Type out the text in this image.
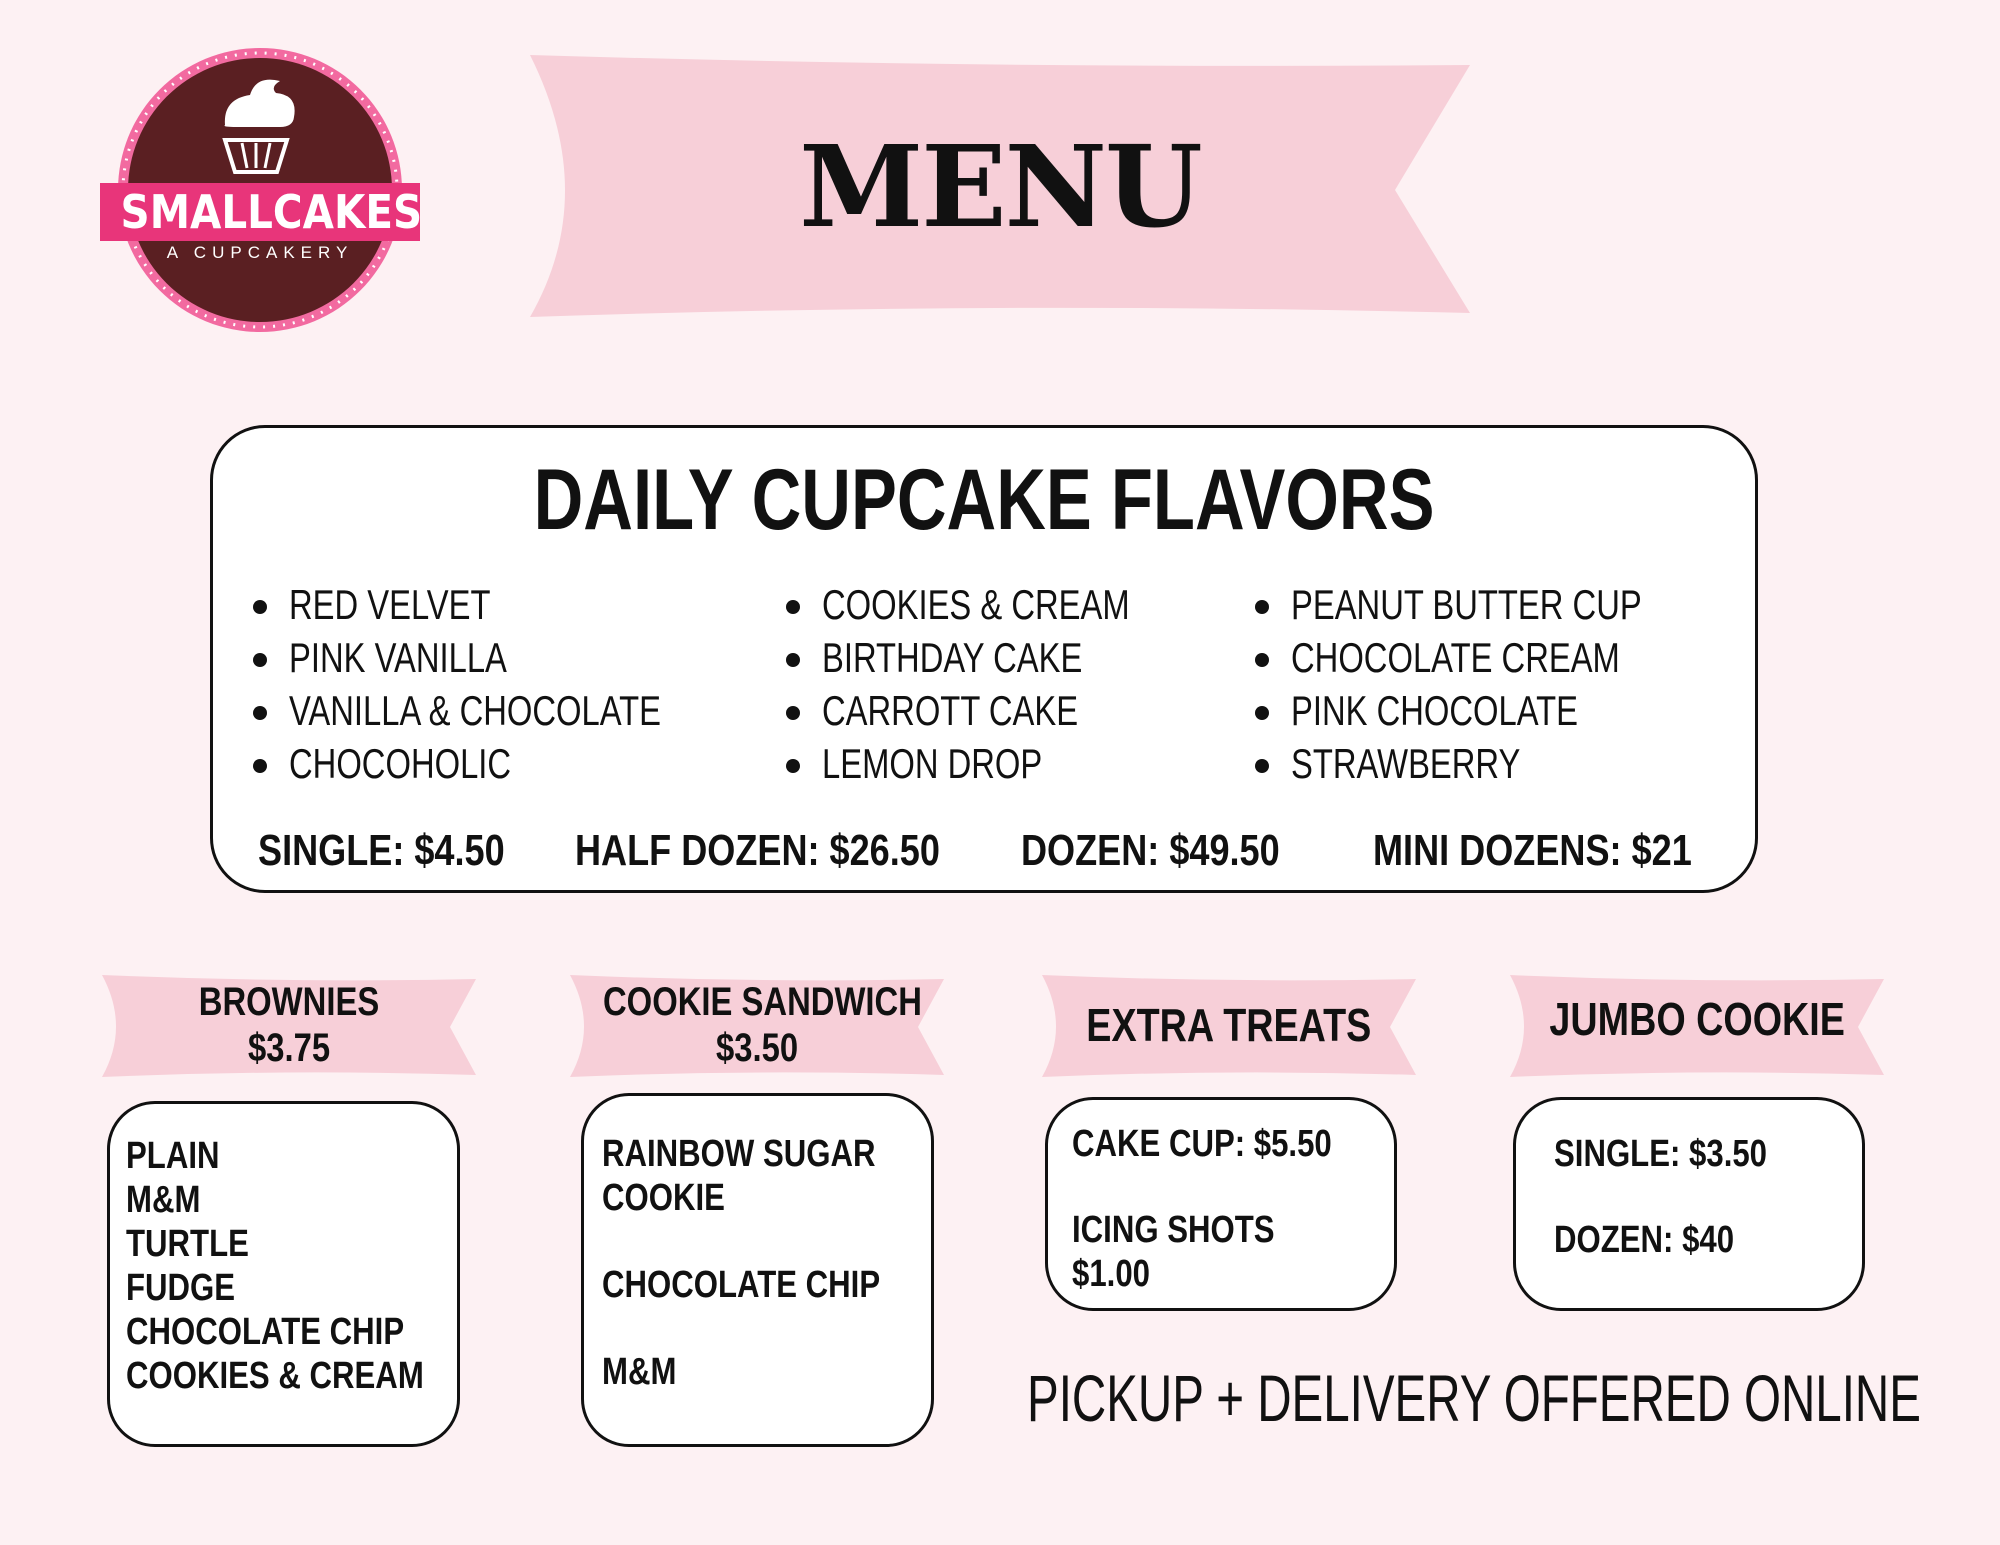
SMALLCAKES
A CUPCAKERY	MENU
DAILY CUPCAKE FLAVORS
RED VELVET
PINK VANILLA
VANILLA & CHOCOLATE
CHOCOHOLIC
COOKIES & CREAM
BIRTHDAY CAKE
CARROTT CAKE
LEMON DROP
PEANUT BUTTER CUP
CHOCOLATE CREAM
PINK CHOCOLATE
STRAWBERRY
SINGLE: $4.50	HALF DOZEN: $26.50	DOZEN: $49.50	MINI DOZENS: $21
BROWNIES
$3.75
PLAIN
M&M
TURTLE
FUDGE
CHOCOLATE CHIP
COOKIES & CREAM
COOKIE SANDWICH
$3.50
RAINBOW SUGAR
COOKIE
CHOCOLATE CHIP
M&M
EXTRA TREATS
CAKE CUP: $5.50
ICING SHOTS
$1.00
JUMBO COOKIE
SINGLE: $3.50
DOZEN: $40
PICKUP + DELIVERY OFFERED ONLINE
